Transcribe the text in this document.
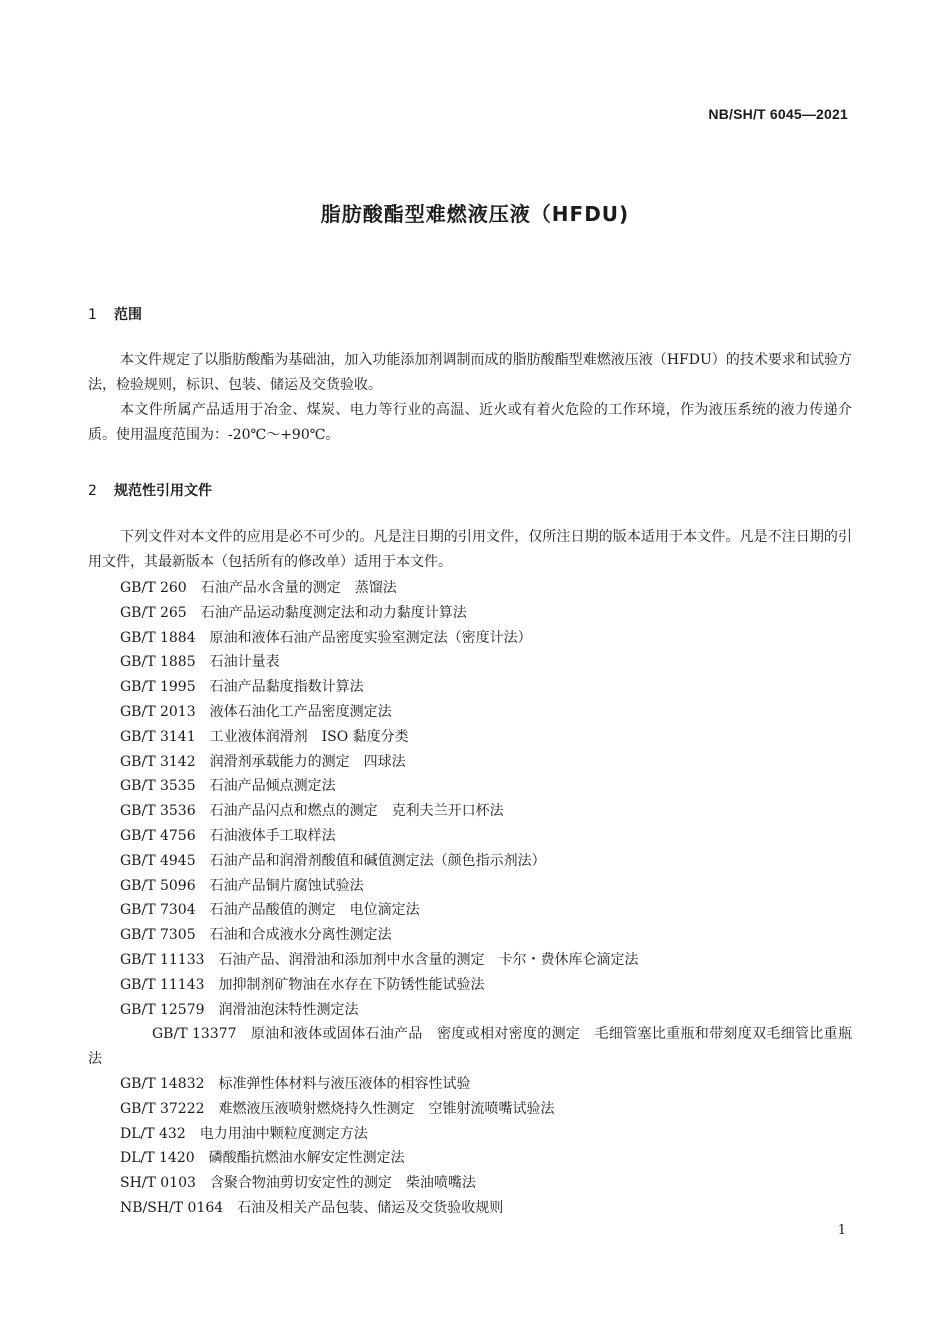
NB/SH/T 6045—2021
脂肪酸酯型难燃液压液（HFDU)
1 范围

本文件规定了以脂肪酸酯为基础油，加入功能添加剂调制而成的脂肪酸酯型难燃液压液（HFDU）的技术要求和试验方法，检验规则，标识、包装、储运及交货验收。

本文件所属产品适用于冶金、煤炭、电力等行业的高温、近火或有着火危险的工作环境，作为液压系统的液力传递介质。使用温度范围为：-20℃～+90℃。

2 规范性引用文件

下列文件对本文件的应用是必不可少的。凡是注日期的引用文件，仅所注日期的版本适用于本文件。凡是不注日期的引用文件，其最新版本（包括所有的修改单）适用于本文件。

GB/T 260 石油产品水含量的测定　蒸馏法
GB/T 265 石油产品运动黏度测定法和动力黏度计算法
GB/T 1884 原油和液体石油产品密度实验室测定法（密度计法）
GB/T 1885 石油计量表
GB/T 1995 石油产品黏度指数计算法
GB/T 2013 液体石油化工产品密度测定法
GB/T 3141 工业液体润滑剂　ISO 黏度分类
GB/T 3142 润滑剂承载能力的测定　四球法
GB/T 3535 石油产品倾点测定法
GB/T 3536 石油产品闪点和燃点的测定　克利夫兰开口杯法
GB/T 4756 石油液体手工取样法
GB/T 4945 石油产品和润滑剂酸值和碱值测定法（颜色指示剂法）
GB/T 5096 石油产品铜片腐蚀试验法
GB/T 7304 石油产品酸值的测定　电位滴定法
GB/T 7305 石油和合成液水分离性测定法
GB/T 11133 石油产品、润滑油和添加剂中水含量的测定　卡尔・费休库仑滴定法
GB/T 11143 加抑制剂矿物油在水存在下防锈性能试验法
GB/T 12579 润滑油泡沫特性测定法
GB/T 13377 原油和液体或固体石油产品　密度或相对密度的测定　毛细管塞比重瓶和带刻度双毛细管比重瓶法
GB/T 14832 标准弹性体材料与液压液体的相容性试验
GB/T 37222 难燃液压液喷射燃烧持久性测定　空锥射流喷嘴试验法
DL/T 432 电力用油中颗粒度测定方法
DL/T 1420 磷酸酯抗燃油水解安定性测定法
SH/T 0103 含聚合物油剪切安定性的测定　柴油喷嘴法
NB/SH/T 0164 石油及相关产品包装、储运及交货验收规则
1
